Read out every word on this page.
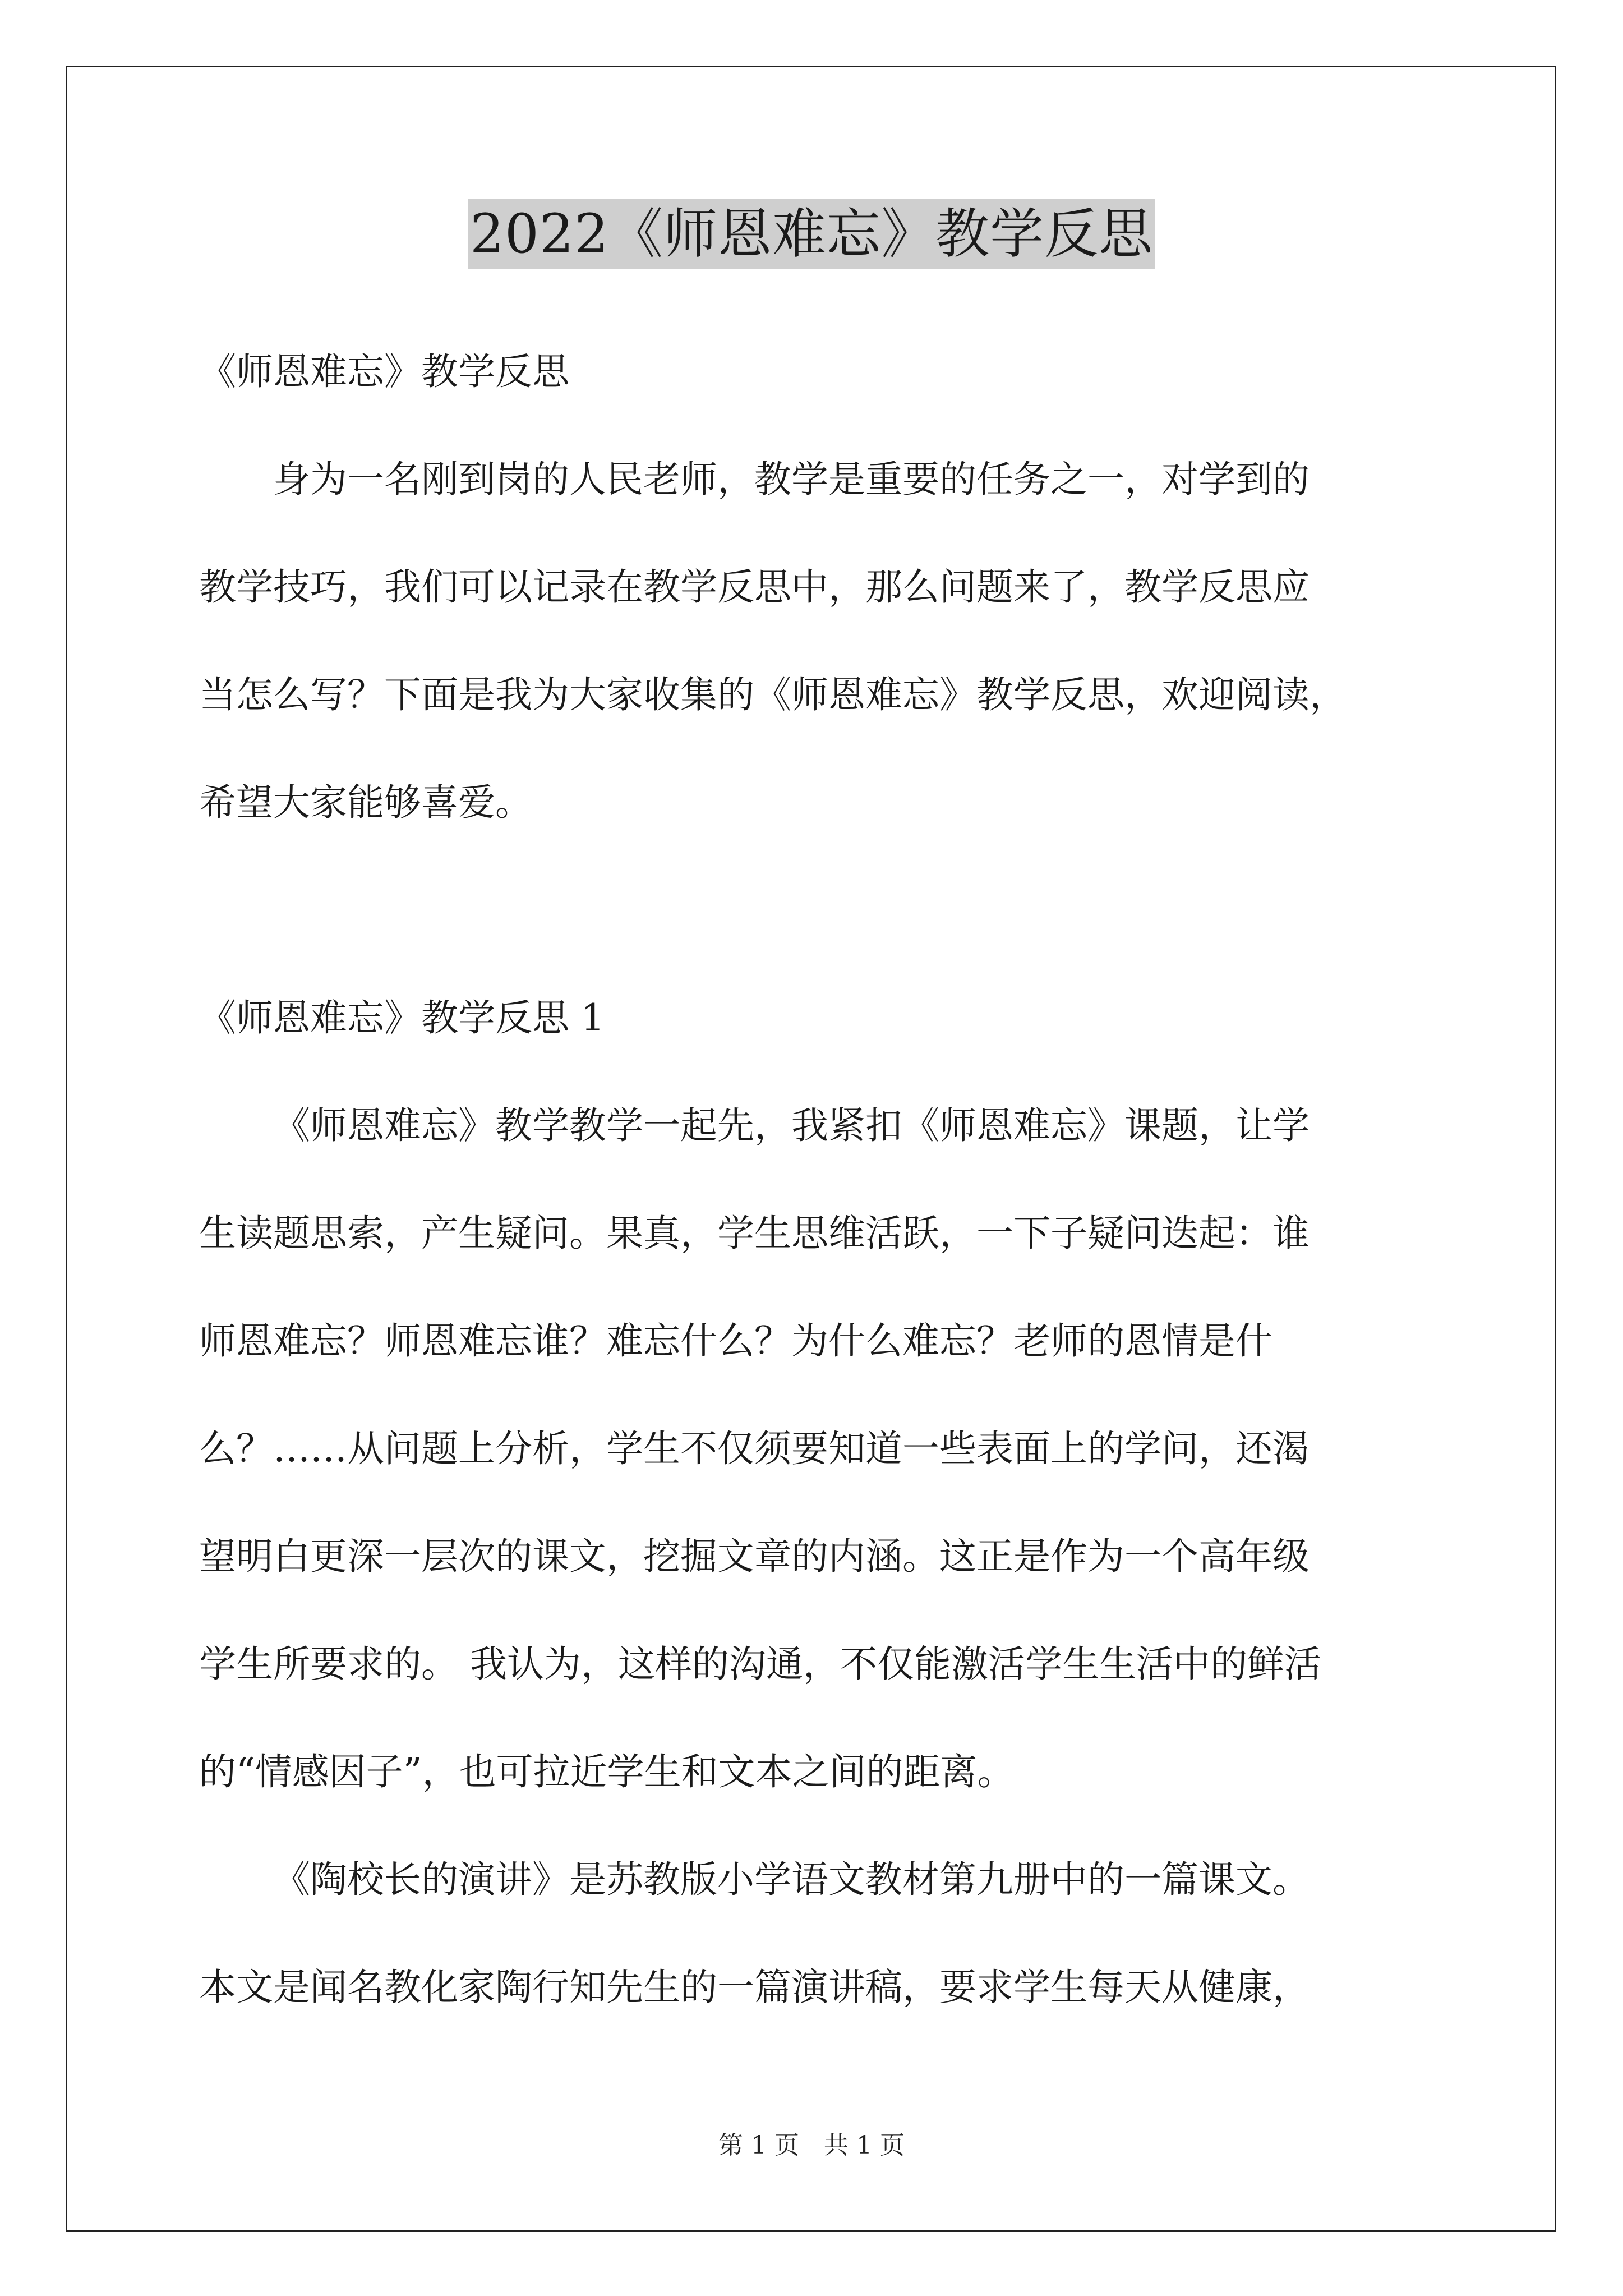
2022《师恩难忘》教学反思

《师恩难忘》教学反思

身为一名刚到岗的人民老师，教学是重要的任务之一，对学到的

教学技巧，我们可以记录在教学反思中，那么问题来了，教学反思应

当怎么写？下面是我为大家收集的《师恩难忘》教学反思，欢迎阅读，

希望大家能够喜爱。

《师恩难忘》教学反思 1

《师恩难忘》教学教学一起先，我紧扣《师恩难忘》课题，让学

生读题思索，产生疑问。果真，学生思维活跃，一下子疑问迭起：谁

师恩难忘？师恩难忘谁？难忘什么？为什么难忘？老师的恩情是什

么？……从问题上分析，学生不仅须要知道一些表面上的学问，还渴

望明白更深一层次的课文，挖掘文章的内涵。这正是作为一个高年级

学生所要求的。 我认为，这样的沟通，不仅能激活学生生活中的鲜活

的“情感因子”，也可拉近学生和文本之间的距离。

《陶校长的演讲》是苏教版小学语文教材第九册中的一篇课文。

本文是闻名教化家陶行知先生的一篇演讲稿，要求学生每天从健康，

第 1 页　共 1 页
